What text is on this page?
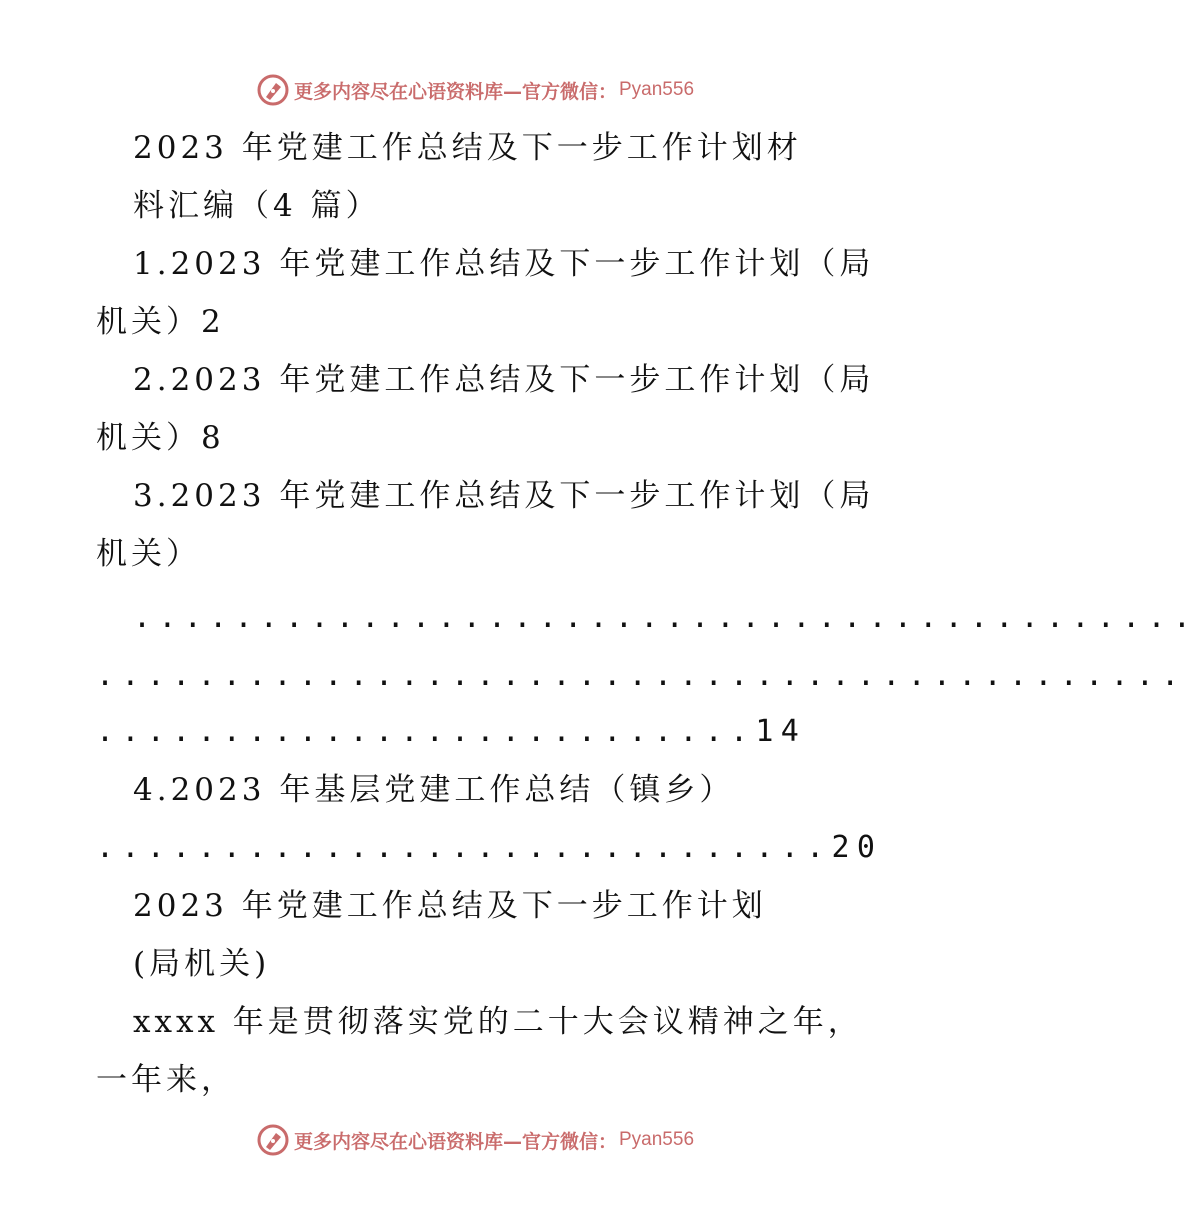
更多内容尽在心语资料库—官方微信： Pyan556
2023 年党建工作总结及下一步工作计划材
料汇编（4 篇）
1.2023 年党建工作总结及下一步工作计划（局
机关）2
2.2023 年党建工作总结及下一步工作计划（局
机关）8
3.2023 年党建工作总结及下一步工作计划（局
机关）
..........................................
...........................................
..........................14
4.2023 年基层党建工作总结（镇乡）
.............................20
2023 年党建工作总结及下一步工作计划
(局机关)
xxxx 年是贯彻落实党的二十大会议精神之年，
一年来，
更多内容尽在心语资料库—官方微信： Pyan556
